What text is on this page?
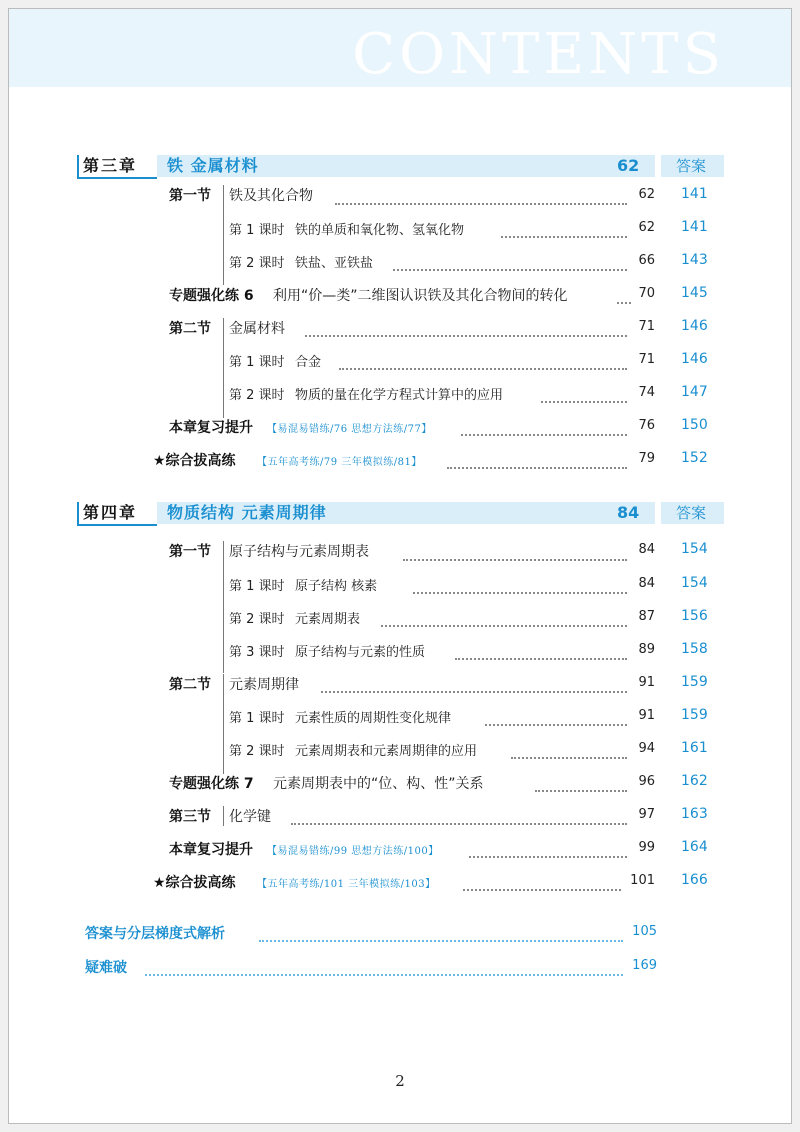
CONTENTS
第三章 铁 金属材料	62 答案
第一节 铁及其化合物	62 141
第 1 课时 铁的单质和氧化物、氢氧化物	62 141
第 2 课时 铁盐、亚铁盐	66 143
专题强化练 6 利用“价—类”二维图认识铁及其化合物间的转化	70 145
第二节 金属材料	71 146
第 1 课时 合金	71 146
第 2 课时 物质的量在化学方程式计算中的应用	74 147
本章复习提升 【易混易错练/76 思想方法练/77】	76 150
★综合拔高练 【五年高考练/79 三年模拟练/81】	79 152
第四章 物质结构 元素周期律	84 答案
第一节 原子结构与元素周期表	84 154
第 1 课时 原子结构 核素	84 154
第 2 课时 元素周期表	87 156
第 3 课时 原子结构与元素的性质	89 158
第二节 元素周期律	91 159
第 1 课时 元素性质的周期性变化规律	91 159
第 2 课时 元素周期表和元素周期律的应用	94 161
专题强化练 7 元素周期表中的“位、构、性”关系	96 162
第三节 化学键	97 163
本章复习提升 【易混易错练/99 思想方法练/100】	99 164
★综合拔高练 【五年高考练/101 三年模拟练/103】	101 166
答案与分层梯度式解析	105
疑难破	169
2
